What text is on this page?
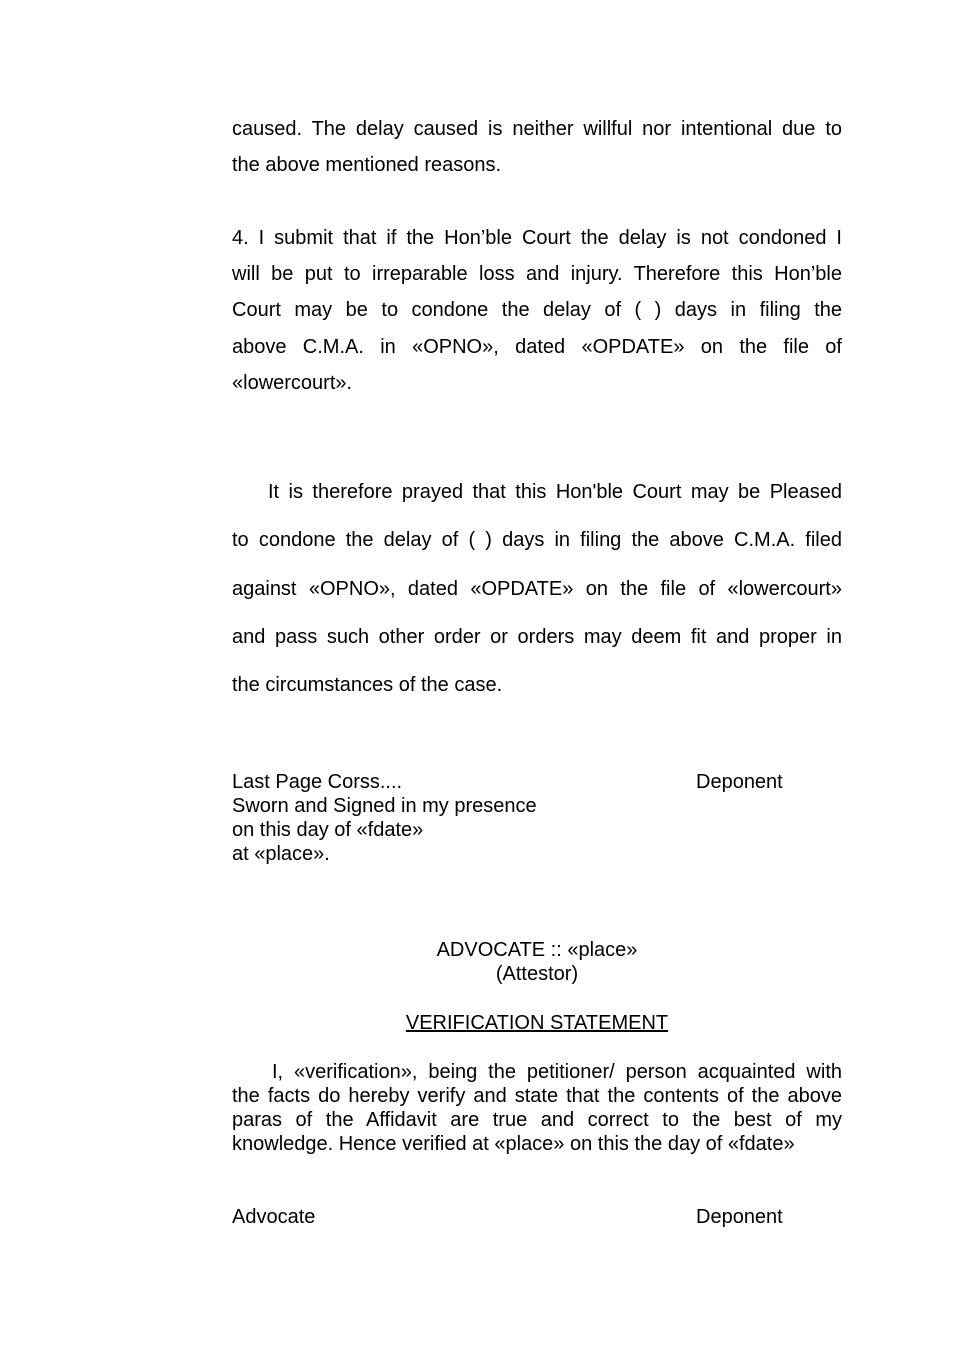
caused. The delay caused is neither willful nor intentional due to
the above mentioned reasons.
4. I submit that if the Hon’ble Court the delay is not condoned I
will be put to irreparable loss and injury. Therefore this Hon’ble
Court may be to condone the delay of ( ) days in filing the
above C.M.A. in «OPNO», dated «OPDATE» on the file of
«lowercourt».
It is therefore prayed that this Hon'ble Court may be Pleased
to condone the delay of ( ) days in filing the above C.M.A. filed
against «OPNO», dated «OPDATE» on the file of «lowercourt»
and pass such other order or orders may deem fit and proper in
the circumstances of the case.
Last Page Corss....	Deponent
Sworn and Signed in my presence
on this day of «fdate»
at «place».
ADVOCATE :: «place»
(Attestor)
VERIFICATION STATEMENT
I, «verification», being the petitioner/ person acquainted with
the facts do hereby verify and state that the contents of the above
paras of the Affidavit are true and correct to the best of my
knowledge. Hence verified at «place» on this the day of «fdate»
Advocate	Deponent
